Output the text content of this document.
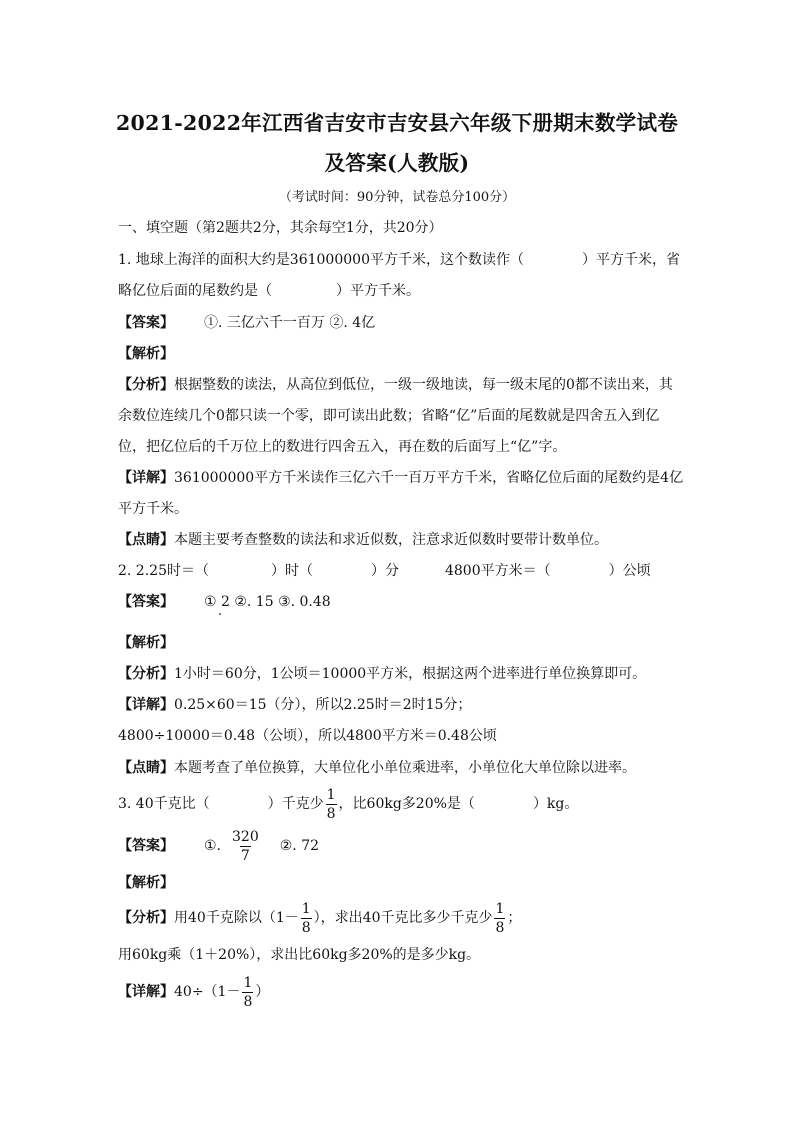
2021-2022年江西省吉安市吉安县六年级下册期末数学试卷
及答案(人教版)
（考试时间：90分钟，试卷总分100分）
一、填空题（第2题共2分，其余每空1分，共20分）
1. 地球上海洋的面积大约是361000000平方千米，这个数读作（	）平方千米，省
略亿位后面的尾数约是（	）平方千米。
【答案】 ①. 三亿六千一百万 ②. 4亿
【解析】
【分析】根据整数的读法，从高位到低位，一级一级地读，每一级末尾的0都不读出来，其
余数位连续几个0都只读一个零，即可读出此数；省略“亿”后面的尾数就是四舍五入到亿
位，把亿位后的千万位上的数进行四舍五入，再在数的后面写上“亿”字。
【详解】361000000平方千米读作三亿六千一百万平方千米，省略亿位后面的尾数约是4亿
平方千米。
【点睛】本题主要考查整数的读法和求近似数，注意求近似数时要带计数单位。
2. 2.25时＝（	）时（	）分	4800平方米＝（	）公顷
【答案】 ① 2 ②. 15 ③. 0.48
【解析】
【分析】1小时＝60分，1公顷＝10000平方米，根据这两个进率进行单位换算即可。
【详解】0.25×60＝15（分），所以2.25时＝2时15分；
4800÷10000＝0.48（公顷），所以4800平方米＝0.48公顷
【点睛】本题考查了单位换算，大单位化小单位乘进率，小单位化大单位除以进率。
3. 40千克比（	）千克少 $\frac{1}{8}$ ，比60kg多20%是（	）kg。
【答案】 ①. $\frac{320}{7}$ ②. 72
【解析】
【分析】用40千克除以（$1- \frac{1}{8}$ ），求出40千克比多少千克少 $\frac{1}{8}$ ；
用60kg乘（1＋20%），求出比60kg多20%的是多少kg。
【详解】$40\div(1- \frac{1}{8}$ ）
